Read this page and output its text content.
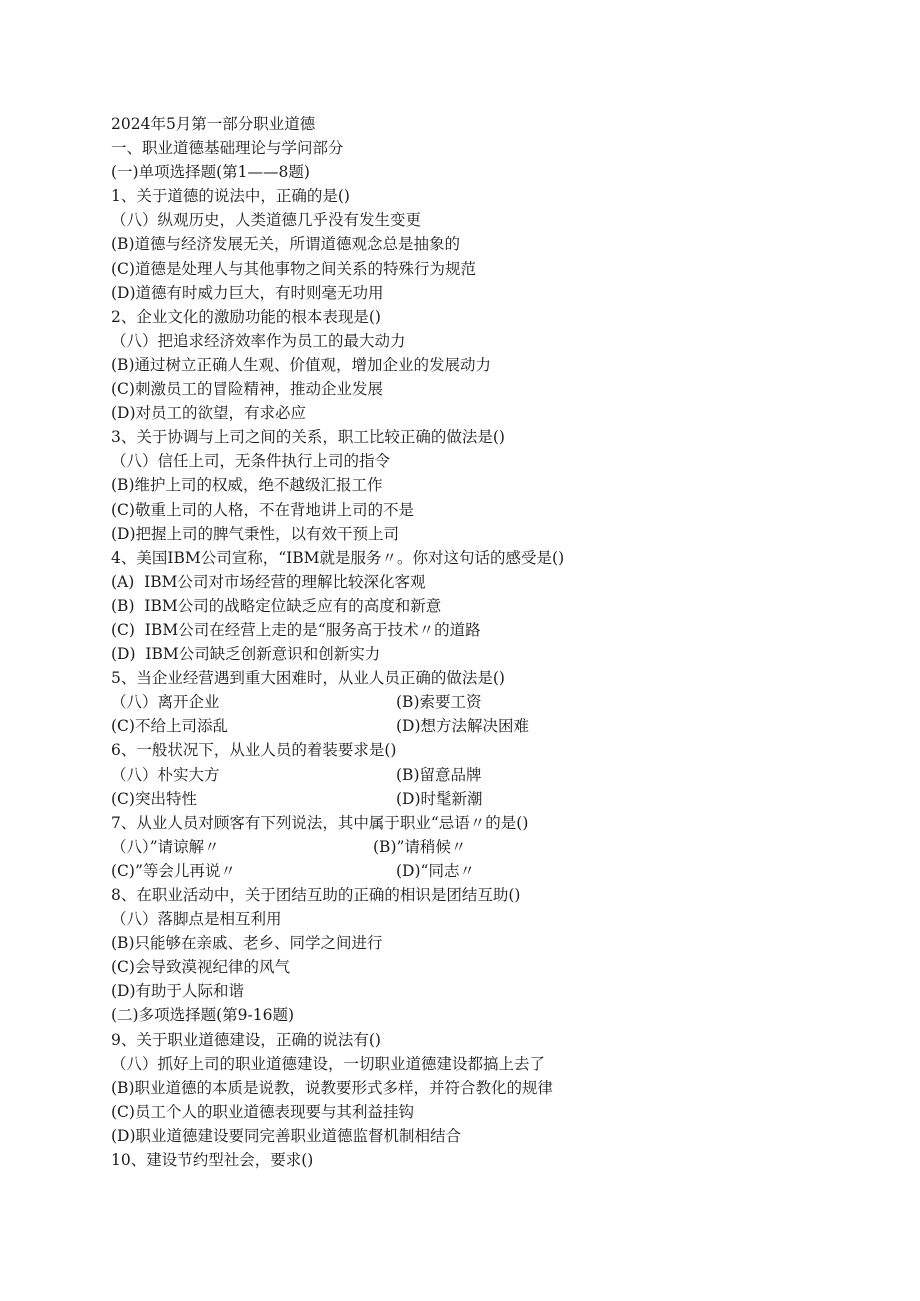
2024年5月第一部分职业道德
一、职业道德基础理论与学问部分
(一)单项选择题(第1——8题)
1、关于道德的说法中，正确的是()
（八）纵观历史，人类道德几乎没有发生变更
(B)道德与经济发展无关，所谓道德观念总是抽象的
(C)道德是处理人与其他事物之间关系的特殊行为规范
(D)道德有时威力巨大，有时则毫无功用
2、企业文化的激励功能的根本表现是()
（八）把追求经济效率作为员工的最大动力
(B)通过树立正确人生观、价值观，增加企业的发展动力
(C)刺激员工的冒险精神，推动企业发展
(D)对员工的欲望，有求必应
3、关于协调与上司之间的关系，职工比较正确的做法是()
（八）信任上司，无条件执行上司的指令
(B)维护上司的权威，绝不越级汇报工作
(C)敬重上司的人格，不在背地讲上司的不是
(D)把握上司的脾气秉性，以有效干预上司
4、美国IBM公司宣称，“IBM就是服务〃。你对这句话的感受是()
(A)  IBM公司对市场经营的理解比较深化客观
(B)  IBM公司的战略定位缺乏应有的高度和新意
(C)  IBM公司在经营上走的是“服务高于技术〃的道路
(D)  IBM公司缺乏创新意识和创新实力
5、当企业经营遇到重大困难时，从业人员正确的做法是()
（八）离开企业	(B)索要工资
(C)不给上司添乱	(D)想方法解决困难
6、一般状况下，从业人员的着装要求是()
（八）朴实大方	(B)留意品牌
(C)突出特性	(D)时髦新潮
7、从业人员对顾客有下列说法，其中属于职业“忌语〃的是()
（八）”请谅解〃	(B)”请稍候〃
(C)”等会儿再说〃	(D)“同志〃
8、在职业活动中，关于团结互助的正确的相识是团结互助()
（八）落脚点是相互利用
(B)只能够在亲戚、老乡、同学之间进行
(C)会导致漠视纪律的风气
(D)有助于人际和谐
(二)多项选择题(第9-16题)
9、关于职业道德建设，正确的说法有()
（八）抓好上司的职业道德建设，一切职业道德建设都搞上去了
(B)职业道德的本质是说教，说教要形式多样，并符合教化的规律
(C)员工个人的职业道德表现要与其利益挂钩
(D)职业道德建设要同完善职业道德监督机制相结合
10、建设节约型社会，要求()
